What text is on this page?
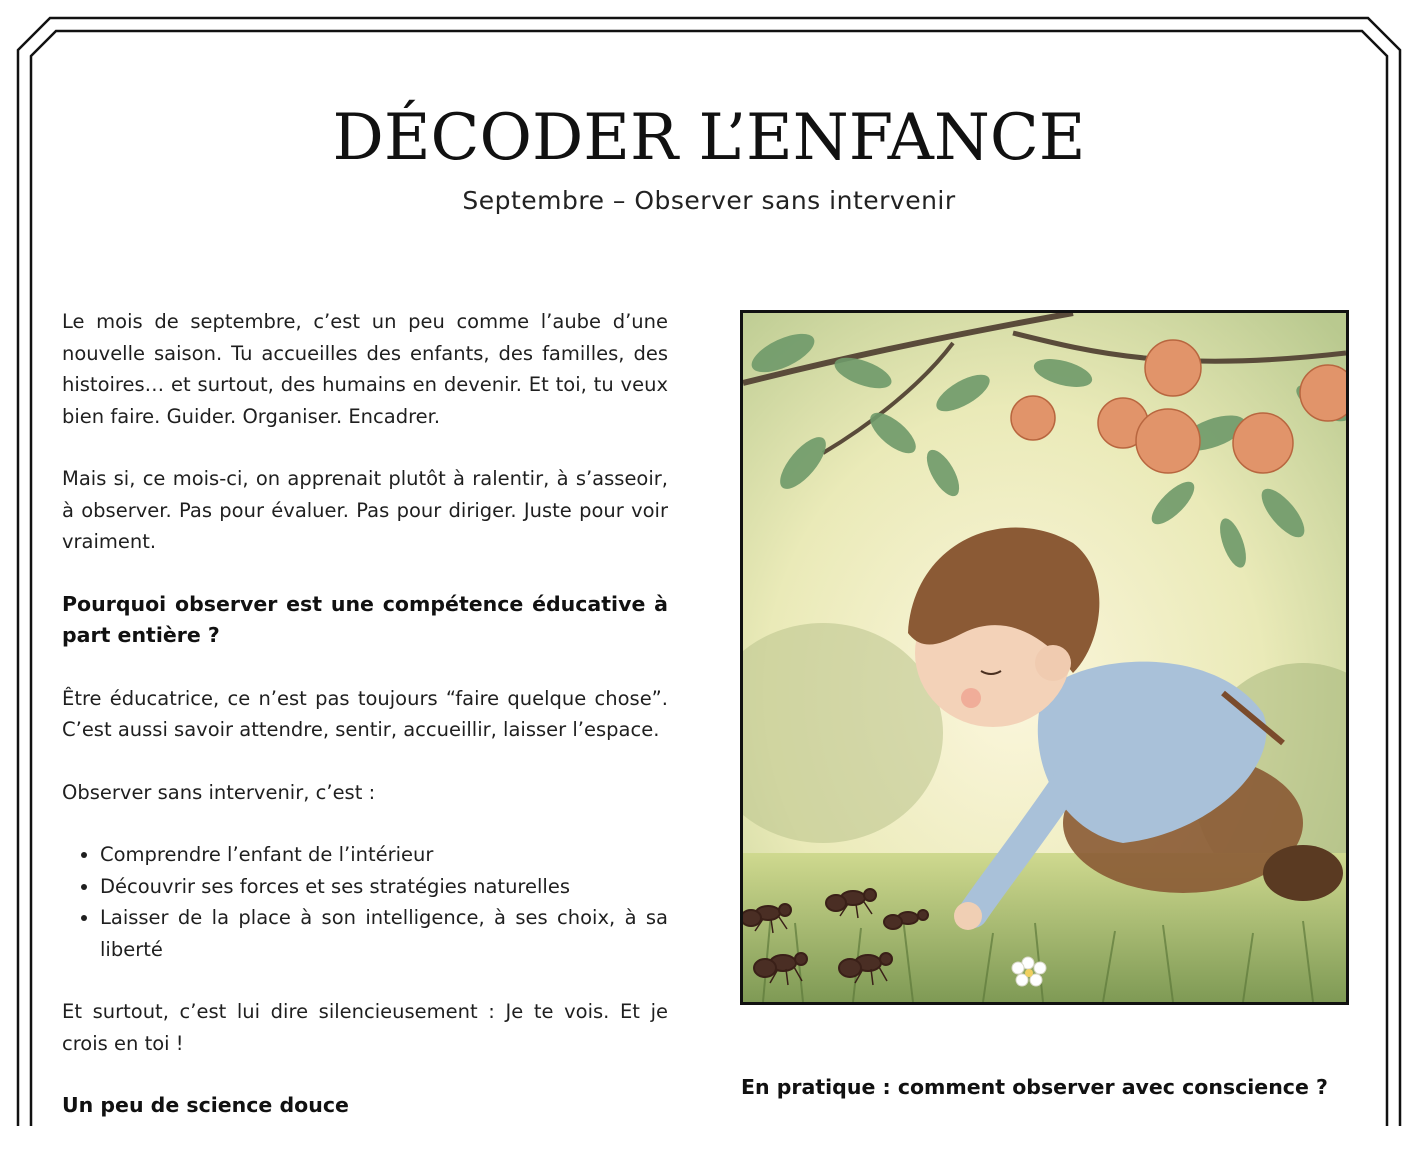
DÉCODER L’ENFANCE

Septembre – Observer sans intervenir

Le mois de septembre, c’est un peu comme l’aube d’une nouvelle saison. Tu accueilles des enfants, des familles, des histoires… et surtout, des humains en devenir. Et toi, tu veux bien faire. Guider. Organiser. Encadrer.

Mais si, ce mois-ci, on apprenait plutôt à ralentir, à s’asseoir, à observer. Pas pour évaluer. Pas pour diriger. Juste pour voir vraiment.

Pourquoi observer est une compétence éducative à part entière ?

Être éducatrice, ce n’est pas toujours “faire quelque chose”. C’est aussi savoir attendre, sentir, accueillir, laisser l’espace.

Observer sans intervenir, c’est :

• Comprendre l’enfant de l’intérieur
• Découvrir ses forces et ses stratégies naturelles
• Laisser de la place à son intelligence, à ses choix, à sa liberté

Et surtout, c’est lui dire silencieusement : Je te vois. Et je crois en toi !

Un peu de science douce
En pratique : comment observer avec conscience ?
